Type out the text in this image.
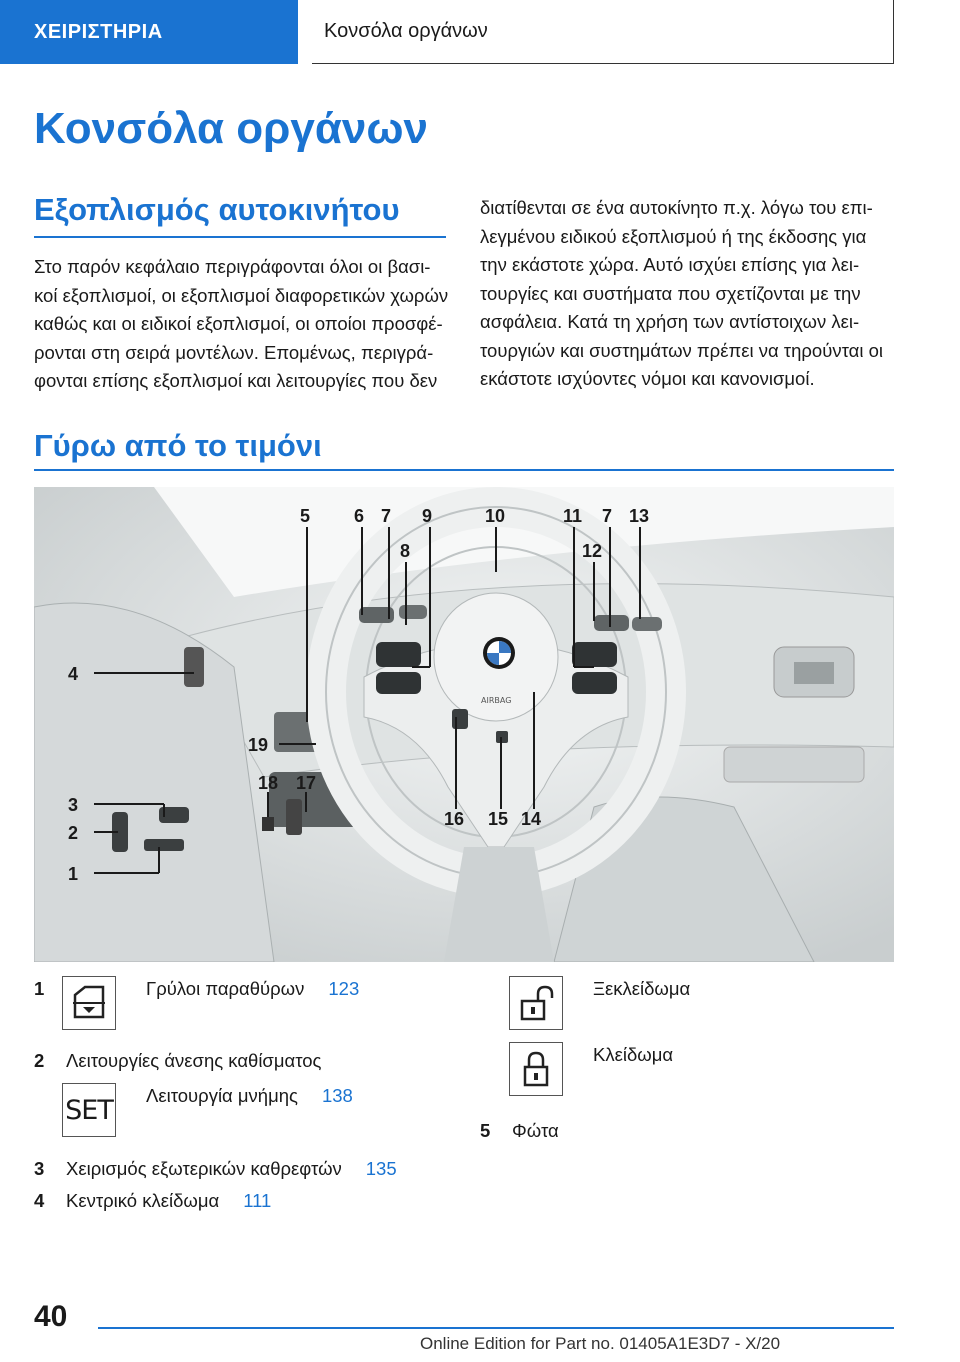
ΧΕΙΡΙΣΤΗΡΙΑ	Κονσόλα οργάνων
Κονσόλα οργάνων
Εξοπλισμός αυτοκινήτου

Στο παρόν κεφάλαιο περιγράφονται όλοι οι βασι-
κοί εξοπλισμοί, οι εξοπλισμοί διαφορετικών χωρών
καθώς και οι ειδικοί εξοπλισμοί, οι οποίοι προσφέ-
ρονται στη σειρά μοντέλων. Επομένως, περιγρά-
φονται επίσης εξοπλισμοί και λειτουργίες που δεν

διατίθενται σε ένα αυτοκίνητο π.χ. λόγω του επι-
λεγμένου ειδικού εξοπλισμού ή της έκδοσης για
την εκάστοτε χώρα. Αυτό ισχύει επίσης για λει-
τουργίες και συστήματα που σχετίζονται με την
ασφάλεια. Κατά τη χρήση των αντίστοιχων λει-
τουργιών και συστημάτων πρέπει να τηρούνται οι
εκάστοτε ισχύοντες νόμοι και κανονισμοί.

Γύρω από το τιμόνι
AIRBAG
5 6 7 9	10	11 7 13
8	12
4
19
18 17
3
2
1
16 15 14
1	Γρύλοι παραθύρων 123
2	Λειτουργίες άνεσης καθίσματος
SET Λειτουργία μνήμης 138
3	Χειρισμός εξωτερικών καθρεφτών 135
4	Κεντρικό κλείδωμα 111
Ξεκλείδωμα
Κλείδωμα
5	Φώτα
40
Online Edition for Part no. 01405A1E3D7 - X/20
